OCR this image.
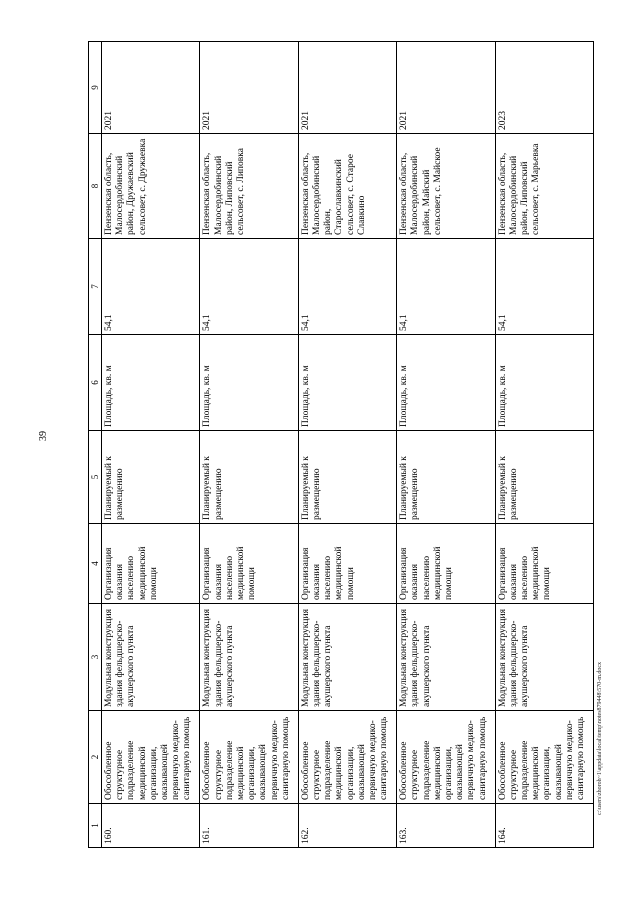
39
1	2	3	4	5	6	7	8	9
160.	Обособленное структурное подразделение медицинской организации, оказывающей первичную медико-санитарную помощь	Модульная конструкция здания фельдшерско-акушерского пункта	Организация оказания населению медицинской помощи	Планируемый к размещению	Площадь, кв. м	54,1	Пензенская область, Малосердобинский район, Дружаевский сельсовет, с. Дружаевка	2021
161.	Обособленное структурное подразделение медицинской организации, оказывающей первичную медико-санитарную помощь	Модульная конструкция здания фельдшерско-акушерского пункта	Организация оказания населению медицинской помощи	Планируемый к размещению	Площадь, кв. м	54,1	Пензенская область, Малосердобинский район, Липовский сельсовет, с. Липовка	2021
162.	Обособленное структурное подразделение медицинской организации, оказывающей первичную медико-санитарную помощь	Модульная конструкция здания фельдшерско-акушерского пункта	Организация оказания населению медицинской помощи	Планируемый к размещению	Площадь, кв. м	54,1	Пензенская область, Малосердобинский район, Старославкинский сельсовет, с. Старое Славкино	2021
163.	Обособленное структурное подразделение медицинской организации, оказывающей первичную медико-санитарную помощь	Модульная конструкция здания фельдшерско-акушерского пункта	Организация оказания населению медицинской помощи	Планируемый к размещению	Площадь, кв. м	54,1	Пензенская область, Малосердобинский район, Майский сельсовет, с. Майское	2021
164.	Обособленное структурное подразделение медицинской организации, оказывающей первичную медико-санитарную помощь	Модульная конструкция здания фельдшерско-акушерского пункта	Организация оказания населению медицинской помощи	Планируемый к размещению	Площадь, кв. м	54,1	Пензенская область, Малосердобинский район, Липовский сельсовет, с. Марьевка	2023
c:\users\zhoroh~1\appdata\local\temp\notes879448\570-m.docx
